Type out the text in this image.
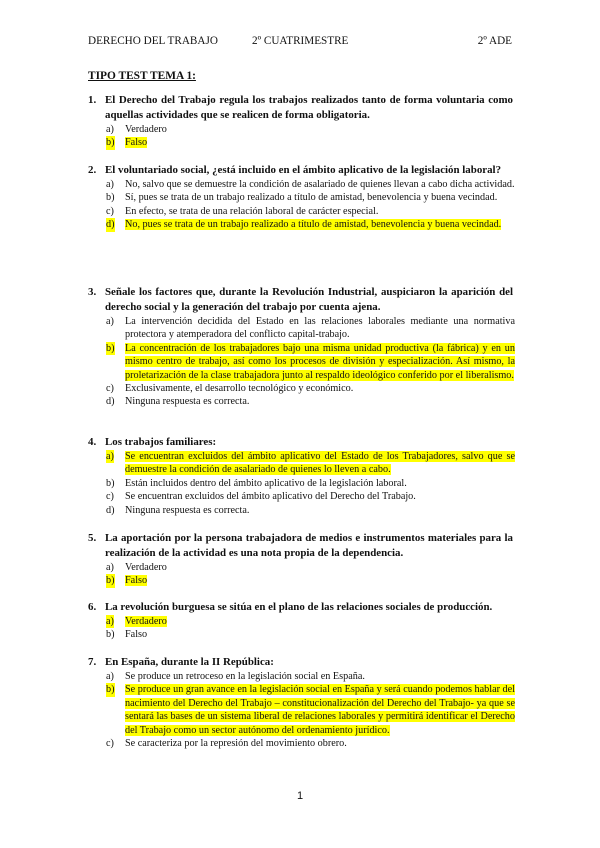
DERECHO DEL TRABAJO	2º CUATRIMESTRE	2º ADE
TIPO TEST TEMA 1:
1. El Derecho del Trabajo regula los trabajos realizados tanto de forma voluntaria como aquellas actividades que se realicen de forma obligatoria.
a) Verdadero
b) Falso
2. El voluntariado social, ¿está incluido en el ámbito aplicativo de la legislación laboral?
a) No, salvo que se demuestre la condición de asalariado de quienes llevan a cabo dicha actividad.
b) Sí, pues se trata de un trabajo realizado a título de amistad, benevolencia y buena vecindad.
c) En efecto, se trata de una relación laboral de carácter especial.
d) No, pues se trata de un trabajo realizado a título de amistad, benevolencia y buena vecindad.
3. Señale los factores que, durante la Revolución Industrial, auspiciaron la aparición del derecho social y la generación del trabajo por cuenta ajena.
a) La intervención decidida del Estado en las relaciones laborales mediante una normativa protectora y atemperadora del conflicto capital-trabajo.
b) La concentración de los trabajadores bajo una misma unidad productiva (la fábrica) y en un mismo centro de trabajo, así como los procesos de división y especialización. Así mismo, la proletarización de la clase trabajadora junto al respaldo ideológico conferido por el liberalismo.
c) Exclusivamente, el desarrollo tecnológico y económico.
d) Ninguna respuesta es correcta.
4. Los trabajos familiares:
a) Se encuentran excluidos del ámbito aplicativo del Estado de los Trabajadores, salvo que se demuestre la condición de asalariado de quienes lo lleven a cabo.
b) Están incluidos dentro del ámbito aplicativo de la legislación laboral.
c) Se encuentran excluidos del ámbito aplicativo del Derecho del Trabajo.
d) Ninguna respuesta es correcta.
5. La aportación por la persona trabajadora de medios e instrumentos materiales para la realización de la actividad es una nota propia de la dependencia.
a) Verdadero
b) Falso
6. La revolución burguesa se sitúa en el plano de las relaciones sociales de producción.
a) Verdadero
b) Falso
7. En España, durante la II República:
a) Se produce un retroceso en la legislación social en España.
b) Se produce un gran avance en la legislación social en España y será cuando podemos hablar del nacimiento del Derecho del Trabajo – constitucionalización del Derecho del Trabajo- ya que se sentará las bases de un sistema liberal de relaciones laborales y permitirá identificar el Derecho del Trabajo como un sector autónomo del ordenamiento jurídico.
c) Se caracteriza por la represión del movimiento obrero.
1
